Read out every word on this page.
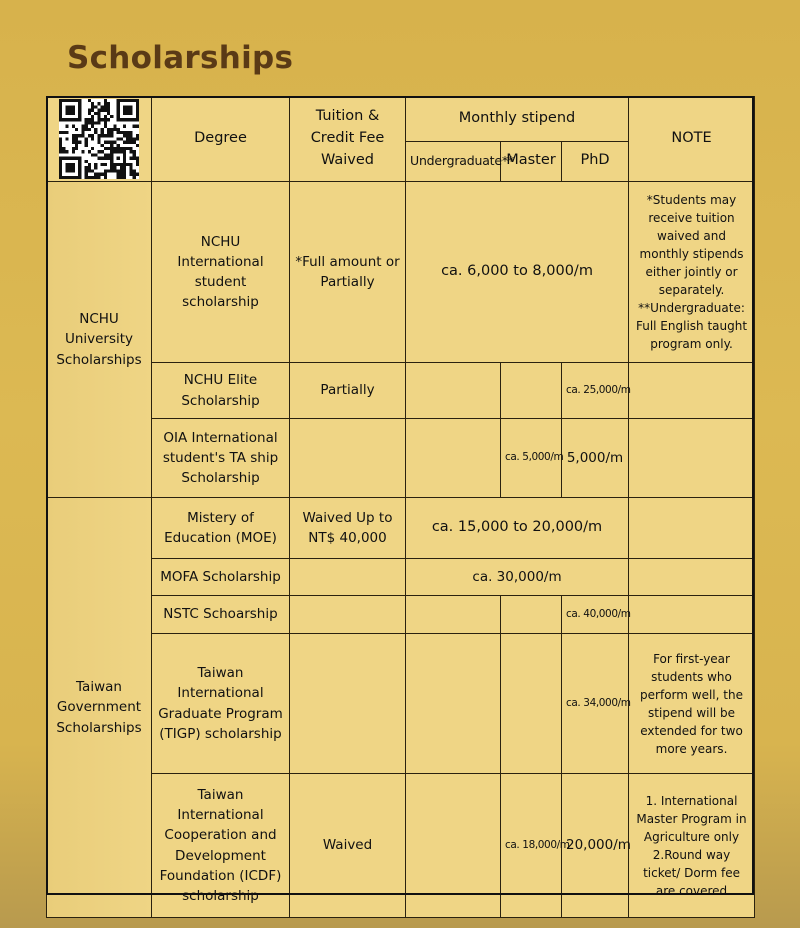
Scholarships
	Degree	Tuition & Credit Fee Waived	Monthly stipend			NOTE
			Undergraduate**	Master	PhD	
NCHU University Scholarships	NCHU International student scholarship	*Full amount or Partially	ca. 6,000 to 8,000/m			*Students may receive tuition waived and monthly stipends either jointly or separately. **Undergraduate: Full English taught program only.
	NCHU Elite Scholarship	Partially			ca. 25,000/m	
	OIA International student's TA ship Scholarship			ca. 5,000/m	5,000/m	
Taiwan Government Scholarships	Mistery of Education (MOE)	Waived Up to NT$ 40,000	ca. 15,000 to 20,000/m			
	MOFA Scholarship		ca. 30,000/m			
	NSTC Schoarship				ca. 40,000/m	
	Taiwan International Graduate Program (TIGP) scholarship				ca. 34,000/m	For first-year students who perform well, the stipend will be extended for two more years.
	Taiwan International Cooperation and Development Foundation (ICDF) scholarship	Waived		ca. 18,000/m	20,000/m	1. International Master Program in Agriculture only 2.Round way ticket/ Dorm fee are covered
